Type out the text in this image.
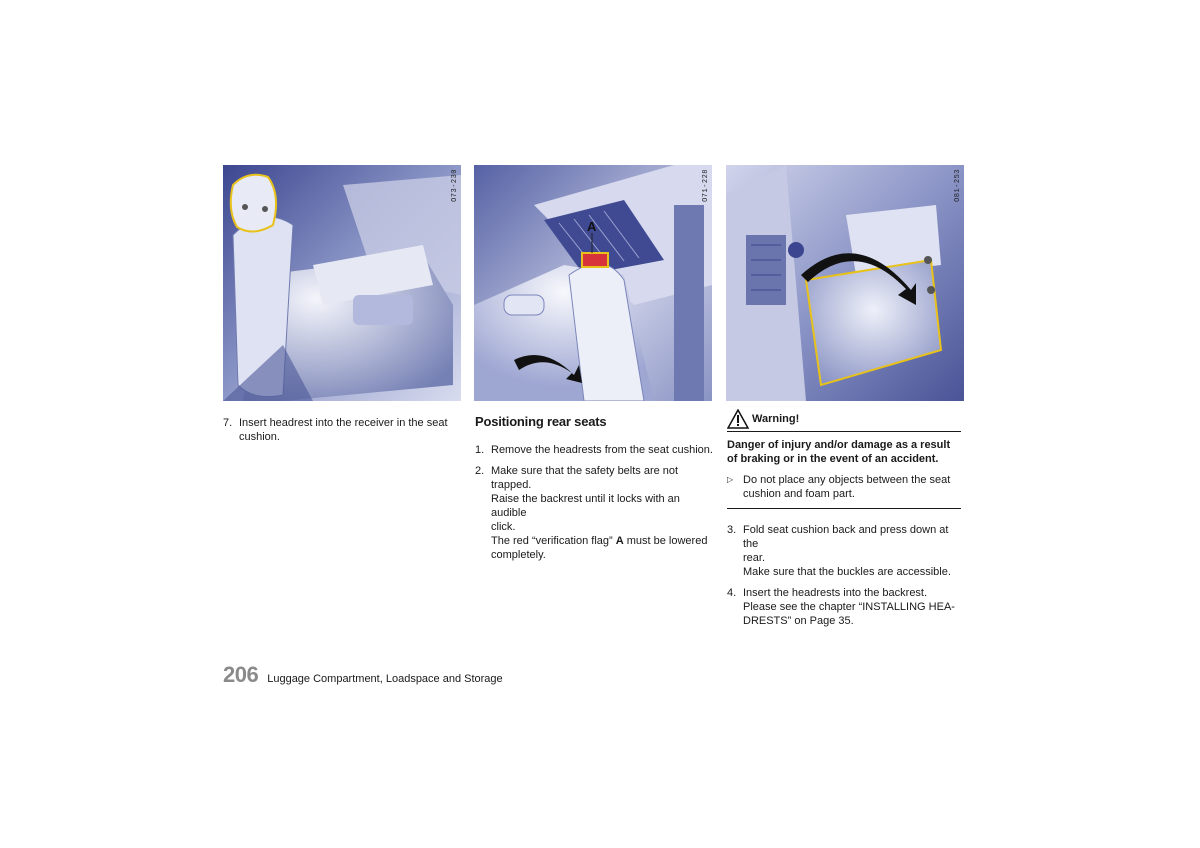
O73-230
A
O71-228	O81-253
7. Insert headrest into the receiver in the seat
cushion.
Positioning rear seats
1. Remove the headrests from the seat cushion.
2. Make sure that the safety belts are not
trapped.
Raise the backrest until it locks with an audible
click.
The red “verification flag” A must be lowered
completely.
Warning!

Danger of injury and/or damage as a result
of braking or in the event of an accident.

▷ Do not place any objects between the seat
cushion and foam part.
3. Fold seat cushion back and press down at the
rear.
Make sure that the buckles are accessible.
4. Insert the headrests into the backrest.
Please see the chapter “INSTALLING HEA-
DRESTS” on Page 35.
206 Luggage Compartment, Loadspace and Storage
